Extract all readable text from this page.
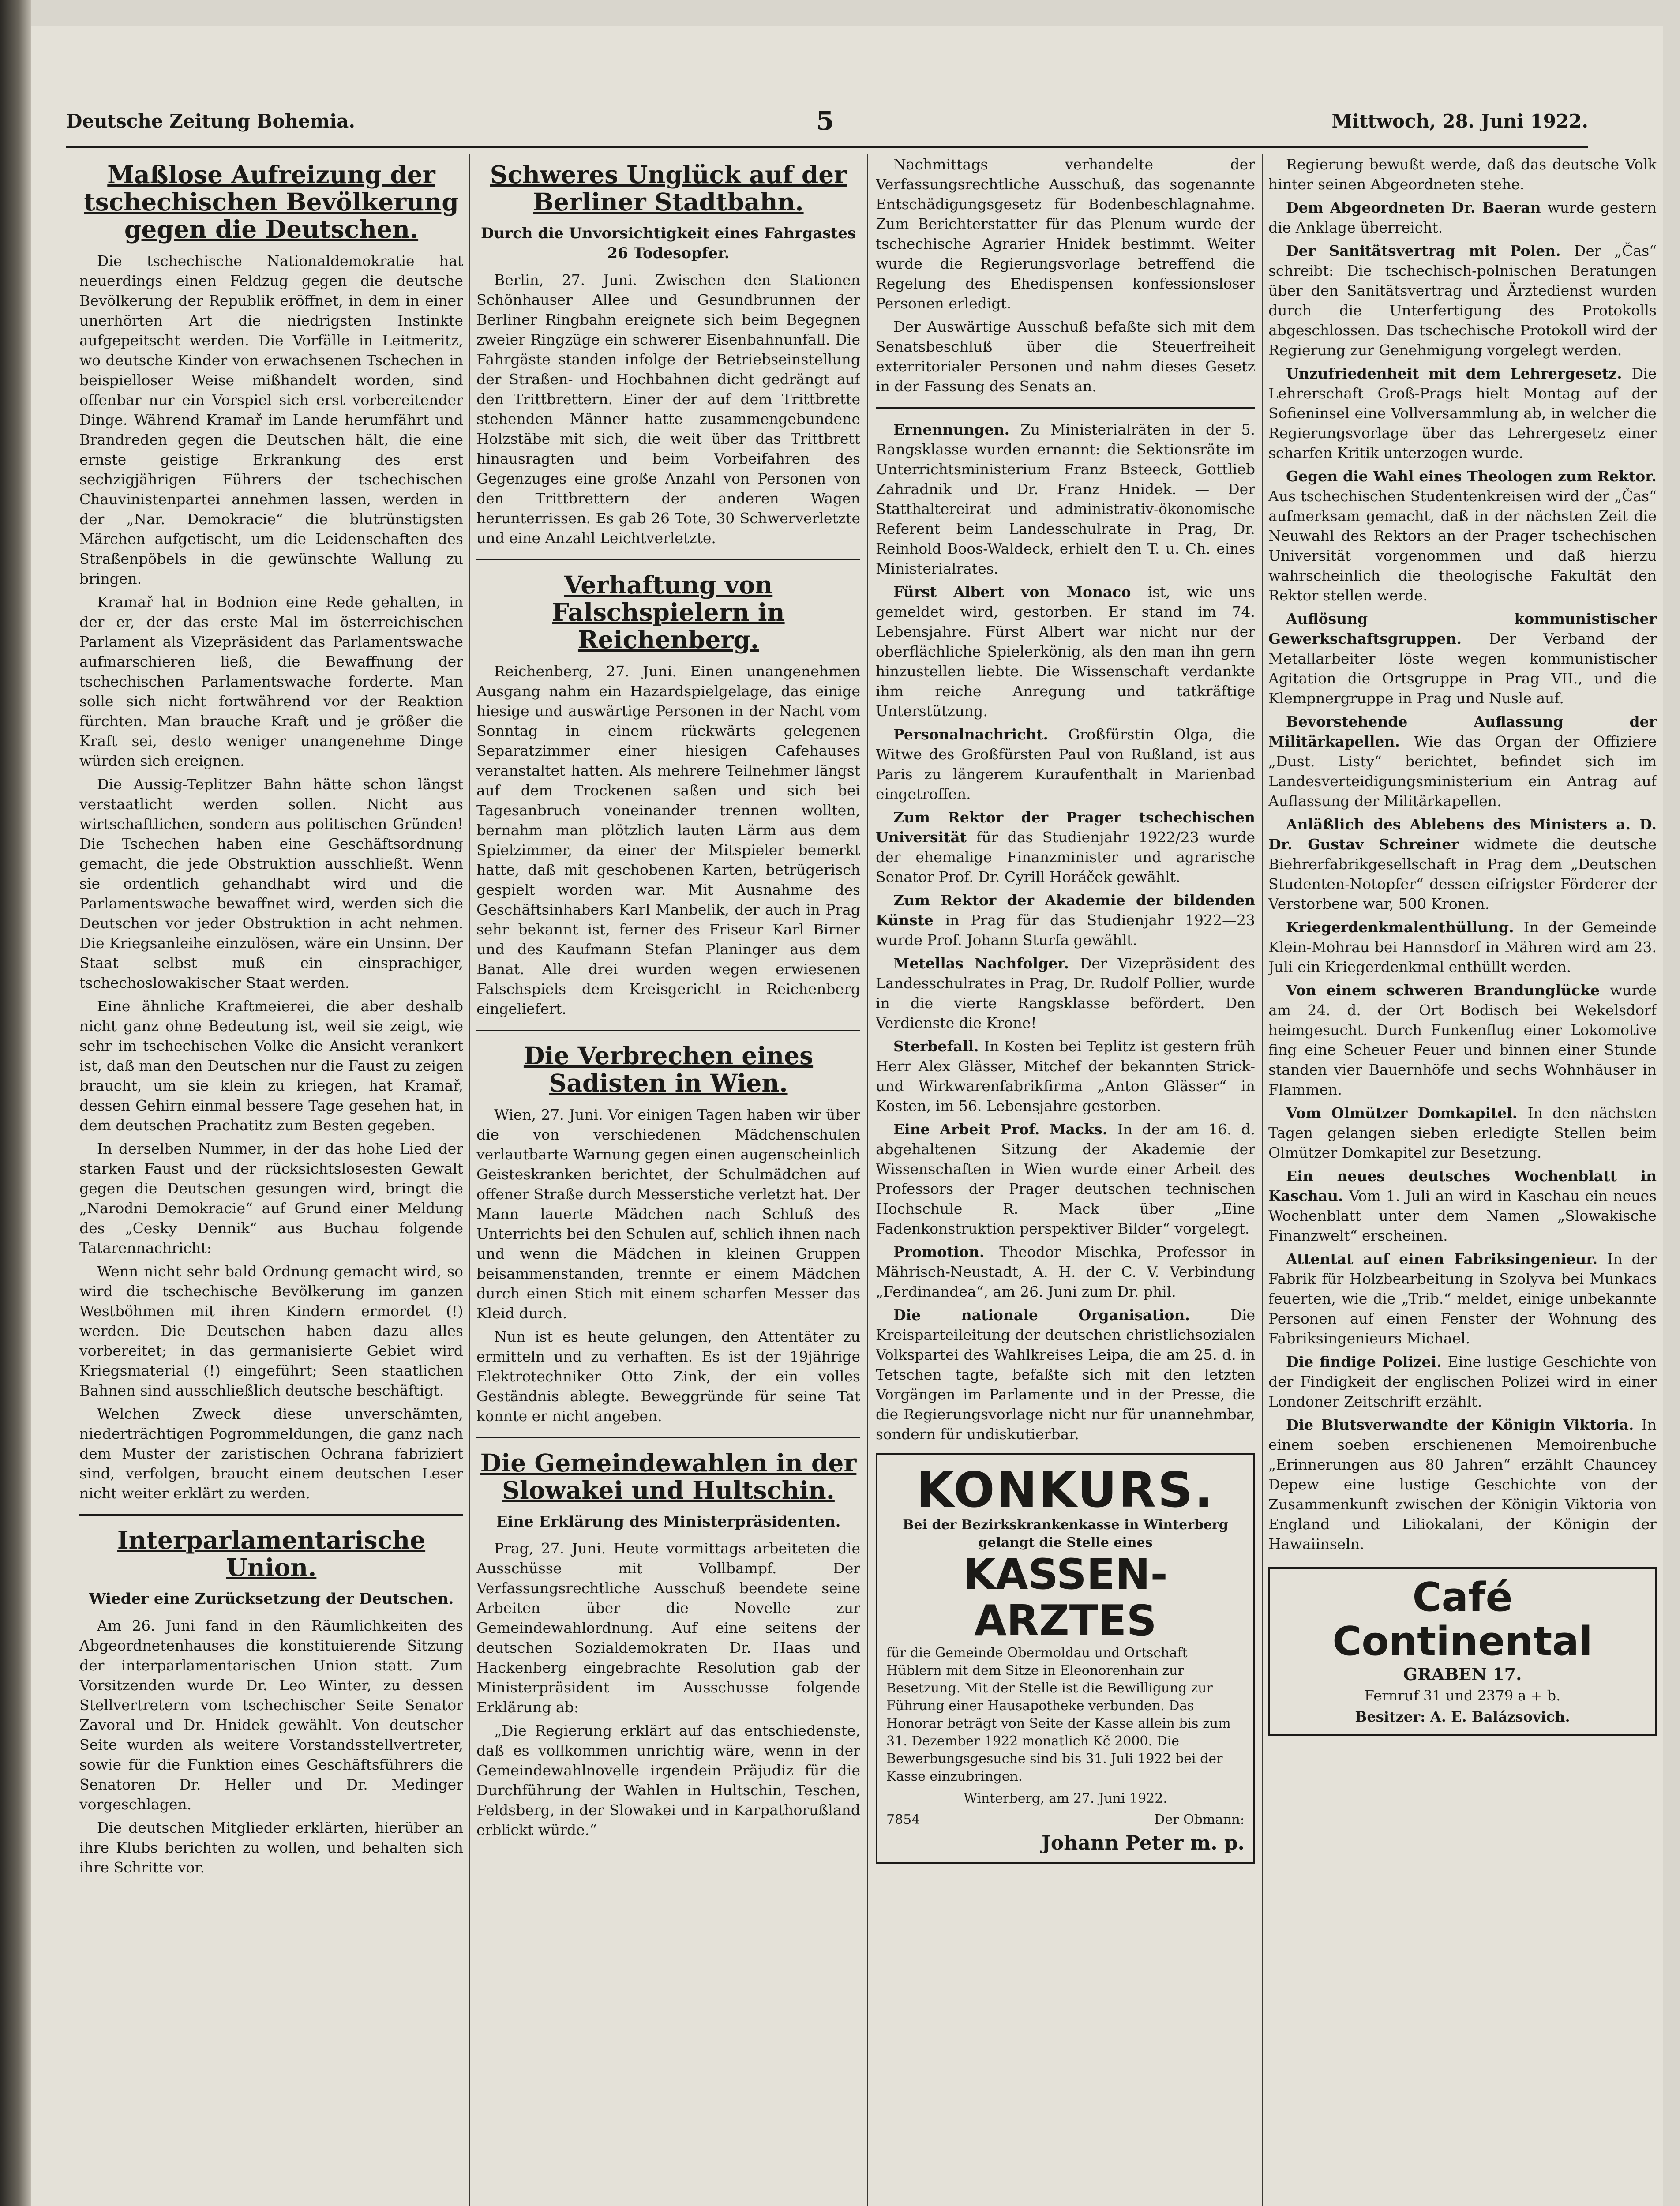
Deutsche Zeitung Bohemia.	5	Mittwoch, 28. Juni 1922.
Maßlose Aufreizung der tschechischen Bevölkerung gegen die Deutschen.

Die tschechische Nationaldemokratie hat neuerdings einen Feldzug gegen die deutsche Bevölkerung der Republik eröffnet, in dem in einer unerhörten Art die niedrigsten Instinkte aufgepeitscht werden. Die Vorfälle in Leitmeritz, wo deutsche Kinder von erwachsenen Tschechen in beispielloser Weise mißhandelt worden, sind offenbar nur ein Vorspiel sich erst vorbereitender Dinge. Während Kramař im Lande herumfährt und Brandreden gegen die Deutschen hält, die eine ernste geistige Erkrankung des erst sechzigjährigen Führers der tschechischen Chauvinistenpartei annehmen lassen, werden in der „Nar. Demokracie“ die blutrünstigsten Märchen aufgetischt, um die Leidenschaften des Straßenpöbels in die gewünschte Wallung zu bringen.

Kramař hat in Bodnion eine Rede gehalten, in der er, der das erste Mal im österreichischen Parlament als Vizepräsident das Parlamentswache aufmarschieren ließ, die Bewaffnung der tschechischen Parlamentswache forderte. Man solle sich nicht fortwährend vor der Reaktion fürchten. Man brauche Kraft und je größer die Kraft sei, desto weniger unangenehme Dinge würden sich ereignen.

Die Aussig-Teplitzer Bahn hätte schon längst verstaatlicht werden sollen. Nicht aus wirtschaftlichen, sondern aus politischen Gründen! Die Tschechen haben eine Geschäftsordnung gemacht, die jede Obstruktion ausschließt. Wenn sie ordentlich gehandhabt wird und die Parlamentswache bewaffnet wird, werden sich die Deutschen vor jeder Obstruktion in acht nehmen. Die Kriegsanleihe einzulösen, wäre ein Unsinn. Der Staat selbst muß ein einsprachiger, tschechoslowakischer Staat werden.

Eine ähnliche Kraftmeierei, die aber deshalb nicht ganz ohne Bedeutung ist, weil sie zeigt, wie sehr im tschechischen Volke die Ansicht verankert ist, daß man den Deutschen nur die Faust zu zeigen braucht, um sie klein zu kriegen, hat Kramař, dessen Gehirn einmal bessere Tage gesehen hat, in dem deutschen Prachatitz zum Besten gegeben.

In derselben Nummer, in der das hohe Lied der starken Faust und der rücksichtslosesten Gewalt gegen die Deutschen gesungen wird, bringt die „Narodni Demokracie“ auf Grund einer Meldung des „Cesky Dennik“ aus Buchau folgende Tatarennachricht:

Wenn nicht sehr bald Ordnung gemacht wird, so wird die tschechische Bevölkerung im ganzen Westböhmen mit ihren Kindern ermordet (!) werden. Die Deutschen haben dazu alles vorbereitet; in das germanisierte Gebiet wird Kriegsmaterial (!) eingeführt; Seen staatlichen Bahnen sind ausschließlich deutsche beschäftigt.

Welchen Zweck diese unverschämten, niederträchtigen Pogrommeldungen, die ganz nach dem Muster der zaristischen Ochrana fabriziert sind, verfolgen, braucht einem deutschen Leser nicht weiter erklärt zu werden.

Interparlamentarische Union.
Wieder eine Zurücksetzung der Deutschen.

Am 26. Juni fand in den Räumlichkeiten des Abgeordnetenhauses die konstituierende Sitzung der interparlamentarischen Union statt. Zum Vorsitzenden wurde Dr. Leo Winter, zu dessen Stellvertretern vom tschechischer Seite Senator Zavoral und Dr. Hnidek gewählt. Von deutscher Seite wurden als weitere Vorstandsstellvertreter, sowie für die Funktion eines Geschäftsführers die Senatoren Dr. Heller und Dr. Medinger vorgeschlagen.

Die deutschen Mitglieder erklärten, hierüber an ihre Klubs berichten zu wollen, und behalten sich ihre Schritte vor.

Schweres Unglück auf der Berliner Stadtbahn.
Durch die Unvorsichtigkeit eines Fahrgastes 26 Todesopfer.

Berlin, 27. Juni. Zwischen den Stationen Schönhauser Allee und Gesundbrunnen der Berliner Ringbahn ereignete sich beim Begegnen zweier Ringzüge ein schwerer Eisenbahnunfall. Die Fahrgäste standen infolge der Betriebseinstellung der Straßen- und Hochbahnen dicht gedrängt auf den Trittbrettern. Einer der auf dem Trittbrette stehenden Männer hatte zusammengebundene Holzstäbe mit sich, die weit über das Trittbrett hinausragten und beim Vorbeifahren des Gegenzuges eine große Anzahl von Personen von den Trittbrettern der anderen Wagen herunterrissen. Es gab 26 Tote, 30 Schwerverletzte und eine Anzahl Leichtverletzte.

Verhaftung von Falschspielern in Reichenberg.

Reichenberg, 27. Juni. Einen unangenehmen Ausgang nahm ein Hazardspielgelage, das einige hiesige und auswärtige Personen in der Nacht vom Sonntag in einem rückwärts gelegenen Separatzimmer einer hiesigen Cafehauses veranstaltet hatten. Als mehrere Teilnehmer längst auf dem Trockenen saßen und sich bei Tagesanbruch voneinander trennen wollten, bernahm man plötzlich lauten Lärm aus dem Spielzimmer, da einer der Mitspieler bemerkt hatte, daß mit geschobenen Karten, betrügerisch gespielt worden war. Mit Ausnahme des Geschäftsinhabers Karl Manbelik, der auch in Prag sehr bekannt ist, ferner des Friseur Karl Birner und des Kaufmann Stefan Planinger aus dem Banat. Alle drei wurden wegen erwiesenen Falschspiels dem Kreisgericht in Reichenberg eingeliefert.

Die Verbrechen eines Sadisten in Wien.

Wien, 27. Juni. Vor einigen Tagen haben wir über die von verschiedenen Mädchenschulen verlautbarte Warnung gegen einen augenscheinlich Geisteskranken berichtet, der Schulmädchen auf offener Straße durch Messerstiche verletzt hat. Der Mann lauerte Mädchen nach Schluß des Unterrichts bei den Schulen auf, schlich ihnen nach und wenn die Mädchen in kleinen Gruppen beisammenstanden, trennte er einem Mädchen durch einen Stich mit einem scharfen Messer das Kleid durch.

Nun ist es heute gelungen, den Attentäter zu ermitteln und zu verhaften. Es ist der 19jährige Elektrotechniker Otto Zink, der ein volles Geständnis ablegte. Beweggründe für seine Tat konnte er nicht angeben.

Die Gemeindewahlen in der Slowakei und Hultschin.
Eine Erklärung des Ministerpräsidenten.

Prag, 27. Juni. Heute vormittags arbeiteten die Ausschüsse mit Vollbampf. Der Verfassungsrechtliche Ausschuß beendete seine Arbeiten über die Novelle zur Gemeindewahlordnung. Auf eine seitens der deutschen Sozialdemokraten Dr. Haas und Hackenberg eingebrachte Resolution gab der Ministerpräsident im Ausschusse folgende Erklärung ab:

„Die Regierung erklärt auf das entschiedenste, daß es vollkommen unrichtig wäre, wenn in der Gemeindewahlnovelle irgendein Präjudiz für die Durchführung der Wahlen in Hultschin, Teschen, Feldsberg, in der Slowakei und in Karpathorußland erblickt würde.“

Nachmittags verhandelte der Verfassungsrechtliche Ausschuß, das sogenannte Entschädigungsgesetz für Bodenbeschlagnahme. Zum Berichterstatter für das Plenum wurde der tschechische Agrarier Hnidek bestimmt. Weiter wurde die Regierungsvorlage betreffend die Regelung des Ehedispensen konfessionsloser Personen erledigt.

Der Auswärtige Ausschuß befaßte sich mit dem Senatsbeschluß über die Steuerfreiheit exterritorialer Personen und nahm dieses Gesetz in der Fassung des Senats an.

Ernennungen. Zu Ministerialräten in der 5. Rangsklasse wurden ernannt: die Sektionsräte im Unterrichtsministerium Franz Bsteeck, Gottlieb Zahradnik und Dr. Franz Hnidek. — Der Statthaltereirat und administrativ-ökonomische Referent beim Landesschulrate in Prag, Dr. Reinhold Boos-Waldeck, erhielt den T. u. Ch. eines Ministerialrates.

Fürst Albert von Monaco ist, wie uns gemeldet wird, gestorben. Er stand im 74. Lebensjahre. Fürst Albert war nicht nur der oberflächliche Spielerkönig, als den man ihn gern hinzustellen liebte. Die Wissenschaft verdankte ihm reiche Anregung und tatkräftige Unterstützung.

Personalnachricht. Großfürstin Olga, die Witwe des Großfürsten Paul von Rußland, ist aus Paris zu längerem Kuraufenthalt in Marienbad eingetroffen.

Zum Rektor der Prager tschechischen Universität für das Studienjahr 1922/23 wurde der ehemalige Finanzminister und agrarische Senator Prof. Dr. Cyrill Horáček gewählt.

Zum Rektor der Akademie der bildenden Künste in Prag für das Studienjahr 1922—23 wurde Prof. Johann Sturſa gewählt.

Metellas Nachfolger. Der Vizepräsident des Landesschulrates in Prag, Dr. Rudolf Pollier, wurde in die vierte Rangsklasse befördert. Den Verdienste die Krone!

Sterbefall. In Kosten bei Teplitz ist gestern früh Herr Alex Glässer, Mitchef der bekannten Strick- und Wirkwarenfabrikfirma „Anton Glässer“ in Kosten, im 56. Lebensjahre gestorben.

Eine Arbeit Prof. Macks. In der am 16. d. abgehaltenen Sitzung der Akademie der Wissenschaften in Wien wurde einer Arbeit des Professors der Prager deutschen technischen Hochschule R. Mack über „Eine Fadenkonstruktion perspektiver Bilder“ vorgelegt.

Promotion. Theodor Mischka, Professor in Mährisch-Neustadt, A. H. der C. V. Verbindung „Ferdinandea“, am 26. Juni zum Dr. phil.

Die nationale Organisation. Die Kreisparteileitung der deutschen christlichsozialen Volkspartei des Wahlkreises Leipa, die am 25. d. in Tetschen tagte, befaßte sich mit den letzten Vorgängen im Parlamente und in der Presse, die die Regierungsvorlage nicht nur für unannehmbar, sondern für undiskutierbar.

KONKURS.
Bei der Bezirkskrankenkasse in Winterberg gelangt die Stelle eines
KASSEN-ARZTES
für die Gemeinde Obermoldau und Ortschaft Hüblern mit dem Sitze in Eleonorenhain zur Besetzung. Mit der Stelle ist die Bewilligung zur Führung einer Hausapotheke verbunden. Das Honorar beträgt von Seite der Kasse allein bis zum 31. Dezember 1922 monatlich Kč 2000. Die Bewerbungsgesuche sind bis 31. Juli 1922 bei der Kasse einzubringen.
Winterberg, am 27. Juni 1922.
7854	Der Obmann:
Johann Peter m. p.

Regierung bewußt werde, daß das deutsche Volk hinter seinen Abgeordneten stehe.

Dem Abgeordneten Dr. Baeran wurde gestern die Anklage überreicht.

Der Sanitätsvertrag mit Polen. Der „Čas“ schreibt: Die tschechisch-polnischen Beratungen über den Sanitätsvertrag und Ärztedienst wurden durch die Unterfertigung des Protokolls abgeschlossen. Das tschechische Protokoll wird der Regierung zur Genehmigung vorgelegt werden.

Unzufriedenheit mit dem Lehrergesetz. Die Lehrerschaft Groß-Prags hielt Montag auf der Sofieninsel eine Vollversammlung ab, in welcher die Regierungsvorlage über das Lehrergesetz einer scharfen Kritik unterzogen wurde.

Gegen die Wahl eines Theologen zum Rektor. Aus tschechischen Studentenkreisen wird der „Čas“ aufmerksam gemacht, daß in der nächsten Zeit die Neuwahl des Rektors an der Prager tschechischen Universität vorgenommen und daß hierzu wahrscheinlich die theologische Fakultät den Rektor stellen werde.

Auflösung kommunistischer Gewerkschaftsgruppen. Der Verband der Metallarbeiter löste wegen kommunistischer Agitation die Ortsgruppe in Prag VII., und die Klempnergruppe in Prag und Nusle auf.

Bevorstehende Auflassung der Militärkapellen. Wie das Organ der Offiziere „Dust. Listy“ berichtet, befindet sich im Landesverteidigungsministerium ein Antrag auf Auflassung der Militärkapellen.

Anläßlich des Ablebens des Ministers a. D. Dr. Gustav Schreiner widmete die deutsche Biehrerfabrikgesellschaft in Prag dem „Deutschen Studenten-Notopfer“ dessen eifrigster Förderer der Verstorbene war, 500 Kronen.

Kriegerdenkmalenthüllung. In der Gemeinde Klein-Mohrau bei Hannsdorf in Mähren wird am 23. Juli ein Kriegerdenkmal enthüllt werden.

Von einem schweren Brandunglücke wurde am 24. d. der Ort Bodisch bei Wekelsdorf heimgesucht. Durch Funkenflug einer Lokomotive fing eine Scheuer Feuer und binnen einer Stunde standen vier Bauernhöfe und sechs Wohnhäuser in Flammen.

Vom Olmützer Domkapitel. In den nächsten Tagen gelangen sieben erledigte Stellen beim Olmützer Domkapitel zur Besetzung.

Ein neues deutsches Wochenblatt in Kaschau. Vom 1. Juli an wird in Kaschau ein neues Wochenblatt unter dem Namen „Slowakische Finanzwelt“ erscheinen.

Attentat auf einen Fabriksingenieur. In der Fabrik für Holzbearbeitung in Szolyva bei Munkacs feuerten, wie die „Trib.“ meldet, einige unbekannte Personen auf einen Fenster der Wohnung des Fabriksingenieurs Michael.

Die findige Polizei. Eine lustige Geschichte von der Findigkeit der englischen Polizei wird in einer Londoner Zeitschrift erzählt.

Die Blutsverwandte der Königin Viktoria. In einem soeben erschienenen Memoirenbuche „Erinnerungen aus 80 Jahren“ erzählt Chauncey Depew eine lustige Geschichte von der Zusammenkunft zwischen der Königin Viktoria von England und Liliokalani, der Königin der Hawaiinseln.

Café Continental
GRABEN 17.
Fernruf 31 und 2379 a + b.
Besitzer: A. E. Balázsovich.
